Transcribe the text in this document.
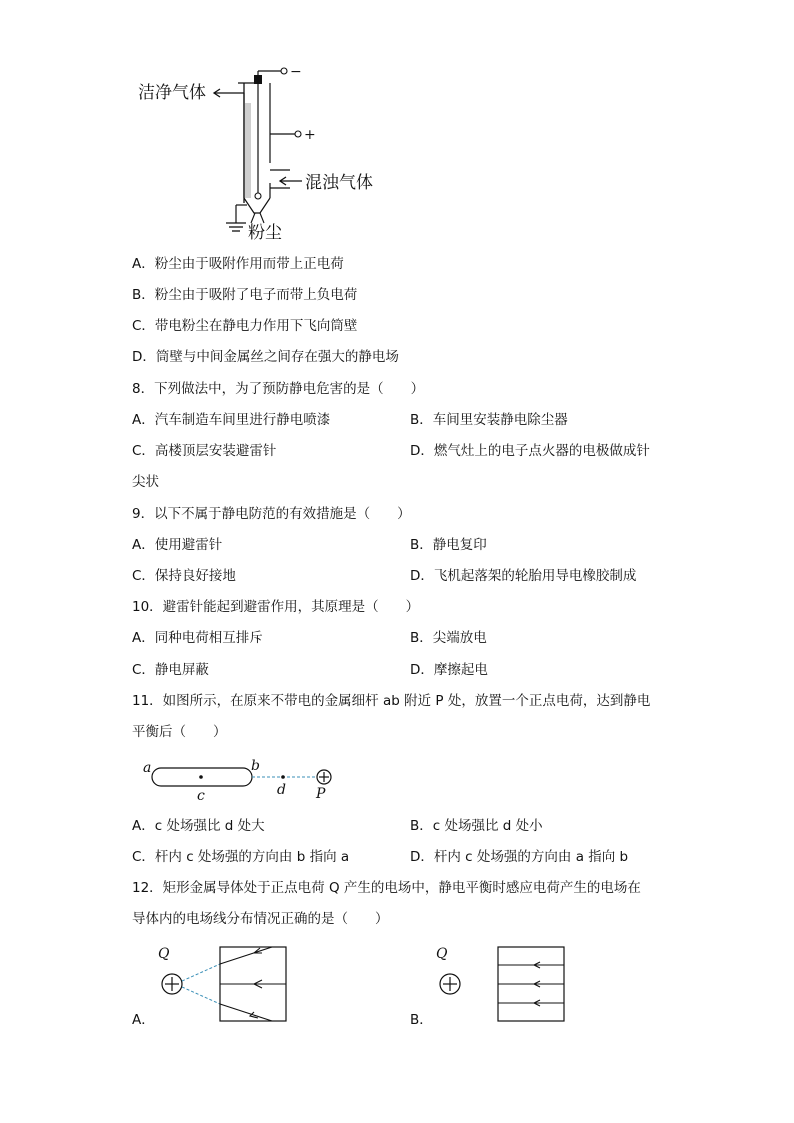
洁净气体
−
+
混浊气体
粉尘
A．粉尘由于吸附作用而带上正电荷
B．粉尘由于吸附了电子而带上负电荷
C．带电粉尘在静电力作用下飞向筒壁
D．筒壁与中间金属丝之间存在强大的静电场
8．下列做法中，为了预防静电危害的是（　　）
A．汽车制造车间里进行静电喷漆	B．车间里安装静电除尘器
C．高楼顶层安装避雷针	D．燃气灶上的电子点火器的电极做成针
尖状
9．以下不属于静电防范的有效措施是（　　）
A．使用避雷针	B．静电复印
C．保持良好接地	D．飞机起落架的轮胎用导电橡胶制成
10．避雷针能起到避雷作用，其原理是（　　）
A．同种电荷相互排斥	B．尖端放电
C．静电屏蔽	D．摩擦起电
11．如图所示，在原来不带电的金属细杆 ab 附近 P 处，放置一个正点电荷，达到静电
平衡后（　　）
a
c
b
d P
A．c 处场强比 d 处大	B．c 处场强比 d 处小
C．杆内 c 处场强的方向由 b 指向 a	D．杆内 c 处场强的方向由 a 指向 b
12．矩形金属导体处于正点电荷 Q 产生的电场中，静电平衡时感应电荷产生的电场在
导体内的电场线分布情况正确的是（　　）
Q
A．
Q
B．
